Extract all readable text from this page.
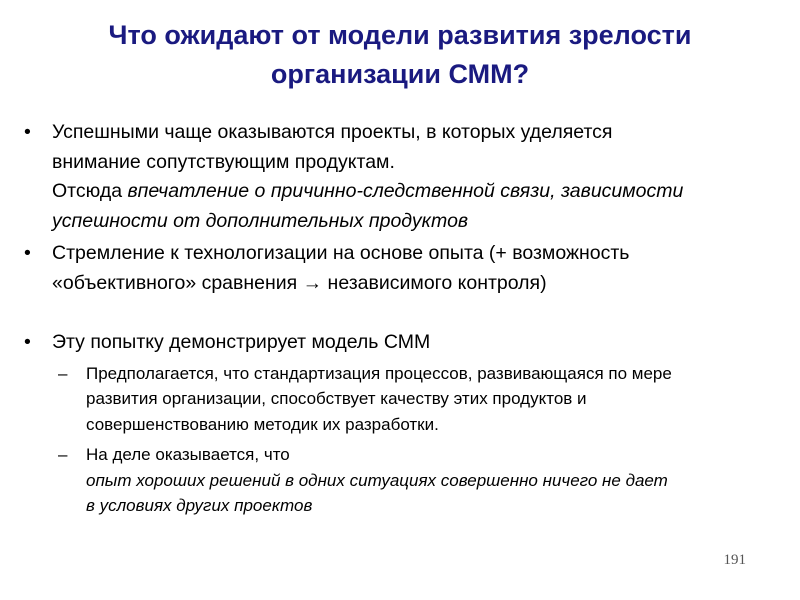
Что ожидают от модели развития зрелости
организации СММ?
• Успешными чаще оказываются проекты, в которых уделяется
внимание сопутствующим продуктам.
Отсюда впечатление о причинно-следственной связи, зависимости
успешности от дополнительных продуктов
• Стремление к технологизации на основе опыта (+ возможность
«объективного» сравнения → независимого контроля)
• Эту попытку демонстрирует модель СММ
– Предполагается, что стандартизация процессов, развивающаяся по мере
развития организации, способствует качеству этих продуктов и
совершенствованию методик их разработки.
– На деле оказывается, что
опыт хороших решений в одних ситуациях совершенно ничего не дает
в условиях других проектов
191
